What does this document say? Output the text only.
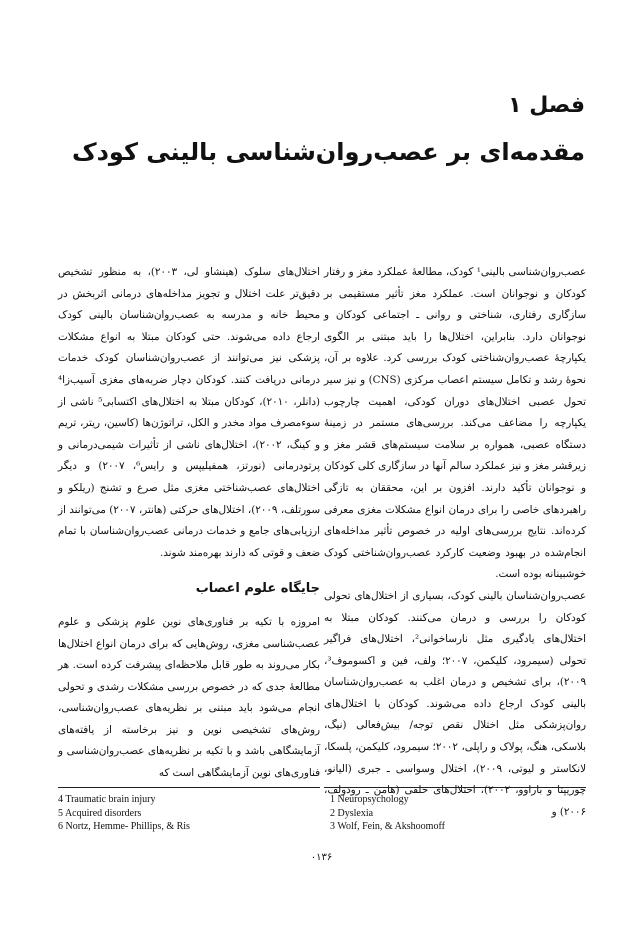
فصل ۱
مقدمه‌ای بر عصب‌روان‌شناسی بالینی کودک

عصب‌روان‌شناسی بالینی¹ کودک، مطالعهٔ عملکرد مغز و رفتار کودکان و نوجوانان است. عملکرد مغز تأثیر مستقیمی بر سازگاری رفتاری، شناختی و روانی ـ اجتماعی کودکان و نوجوانان دارد. بنابراین، اختلال‌ها را باید مبتنی بر الگوی یکپارچهٔ عصب‌روان‌شناختی کودک بررسی کرد. علاوه بر آن، نحوهٔ رشد و تکامل سیستم اعصاب مرکزی (CNS) و نیز سیر تحول عصبی اختلال‌های دوران کودکی، اهمیت چارچوب یکپارچه را مضاعف می‌کند. بررسی‌های مستمر در زمینهٔ دستگاه عصبی، همواره بر سلامت سیستم‌های قشر مغز و زیرقشر مغز و نیز عملکرد سالم آنها در سازگاری کلی کودکان و نوجوانان تأکید دارند. افزون بر این، محققان به تازگی راهبردهای خاصی را برای درمان انواع مشکلات مغزی معرفی کرده‌اند. نتایج بررسی‌های اولیه در خصوص تأثیر مداخله‌های انجام‌شده در بهبود وضعیت کارکرد عصب‌روان‌شناختی کودک خوشبینانه بوده است.

عصب‌روان‌شناسان بالینی کودک، بسیاری از اختلال‌های تحولی کودکان را بررسی و درمان می‌کنند. کودکان مبتلا به اختلال‌های یادگیری مثل نارساخوانی²، اختلال‌های فراگیر تحولی (سیمرود، کلیکمن، ۲۰۰۷؛ ولف، فین و اکسوموف³، ۲۰۰۹)، برای تشخیص و درمان اغلب به عصب‌روان‌شناسان بالینی کودک ارجاع داده می‌شوند. کودکان با اختلال‌های روان‌پزشکی مثل اختلال نقص توجه/ بیش‌فعالی (نیگ، بلاسکی، هنگ، پولاک و راپلی، ۲۰۰۲؛ سیمرود، کلیکمن، پلسکا، لانکاستر و لیوتی، ۲۰۰۹)، اختلال وسواسی ـ جبری (الیانو، چوریپتا و باراوو، ۲۰۰۲)، اختلال‌های خلقی (هامن ـ رودولف، ۲۰۰۶) و

اختلال‌های سلوک (هینشاو لی، ۲۰۰۳)، به منظور تشخیص دقیق‌تر علت اختلال و تجویز مداخله‌های درمانی اثربخش در محیط خانه و مدرسه به عصب‌روان‌شناسان بالینی کودک ارجاع داده می‌شوند. حتی کودکان مبتلا به انواع مشکلات پزشکی نیز می‌توانند از عصب‌روان‌شناسان کودک خدمات درمانی دریافت کنند. کودکان دچار ضربه‌های مغزی آسیب‌زا⁴ (دانلر، ۲۰۱۰)، کودکان مبتلا به اختلال‌های اکتسابی⁵ ناشی از سوءمصرف مواد مخدر و الکل، تراتوژن‌ها (کاسین، ریتر، تریم و کینگ، ۲۰۰۲)، اختلال‌های ناشی از تأثیرات شیمی‌درمانی و پرتودرمانی (نورتز، همفیلیپس و رایس⁶، ۲۰۰۷) و دیگر اختلال‌های عصب‌شناختی مغزی مثل صرع و تشنج (ریلکو و سورتلف، ۲۰۰۹)، اختلال‌های حرکتی (هانتر، ۲۰۰۷) می‌توانند از ارزیابی‌های جامع و خدمات درمانی عصب‌روان‌شناسان با تمام ضعف و قوتی که دارند بهره‌مند شوند.

جایگاه علوم اعصاب

امروزه با تکیه بر فناوری‌های نوین علوم پزشکی و علوم عصب‌شناسی مغزی، روش‌هایی که برای درمان انواع اختلال‌ها بکار می‌روند به طور قابل ملاحظه‌ای پیشرفت کرده است. هر مطالعهٔ جدی که در خصوص بررسی مشکلات رشدی و تحولی انجام می‌شود باید مبتنی بر نظریه‌های عصب‌روان‌شناسی، روش‌های تشخیصی نوین و نیز برخاسته از یافته‌های آزمایشگاهی باشد و با تکیه بر نظریه‌های عصب‌روان‌شناسی و فناوری‌های نوین آزمایشگاهی است که

1 Neuropsychology
2 Dyslexia
3 Wolf, Fein, & Akshoomoff
4 Traumatic brain injury
5 Acquired disorders
6 Nortz, Hemme- Phillips, & Ris
۰۱۳۶
